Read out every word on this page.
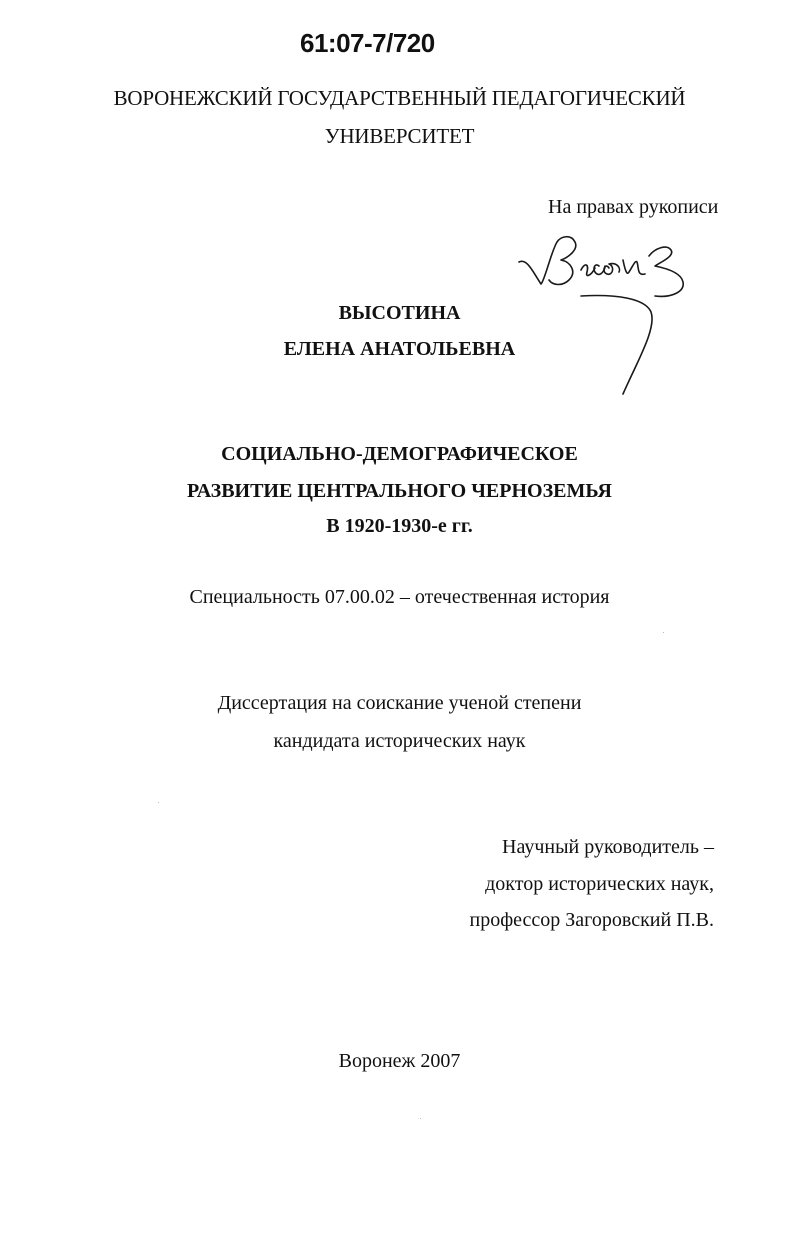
61:07-7/720
ВОРОНЕЖСКИЙ ГОСУДАРСТВЕННЫЙ ПЕДАГОГИЧЕСКИЙ
УНИВЕРСИТЕТ
На правах рукописи
ВЫСОТИНА
ЕЛЕНА АНАТОЛЬЕВНА
СОЦИАЛЬНО-ДЕМОГРАФИЧЕСКОЕ
РАЗВИТИЕ ЦЕНТРАЛЬНОГО ЧЕРНОЗЕМЬЯ
В 1920-1930-е гг.
Специальность 07.00.02 – отечественная история
Диссертация на соискание ученой степени
кандидата исторических наук
Научный руководитель –
доктор исторических наук,
профессор Загоровский П.В.
Воронеж 2007
